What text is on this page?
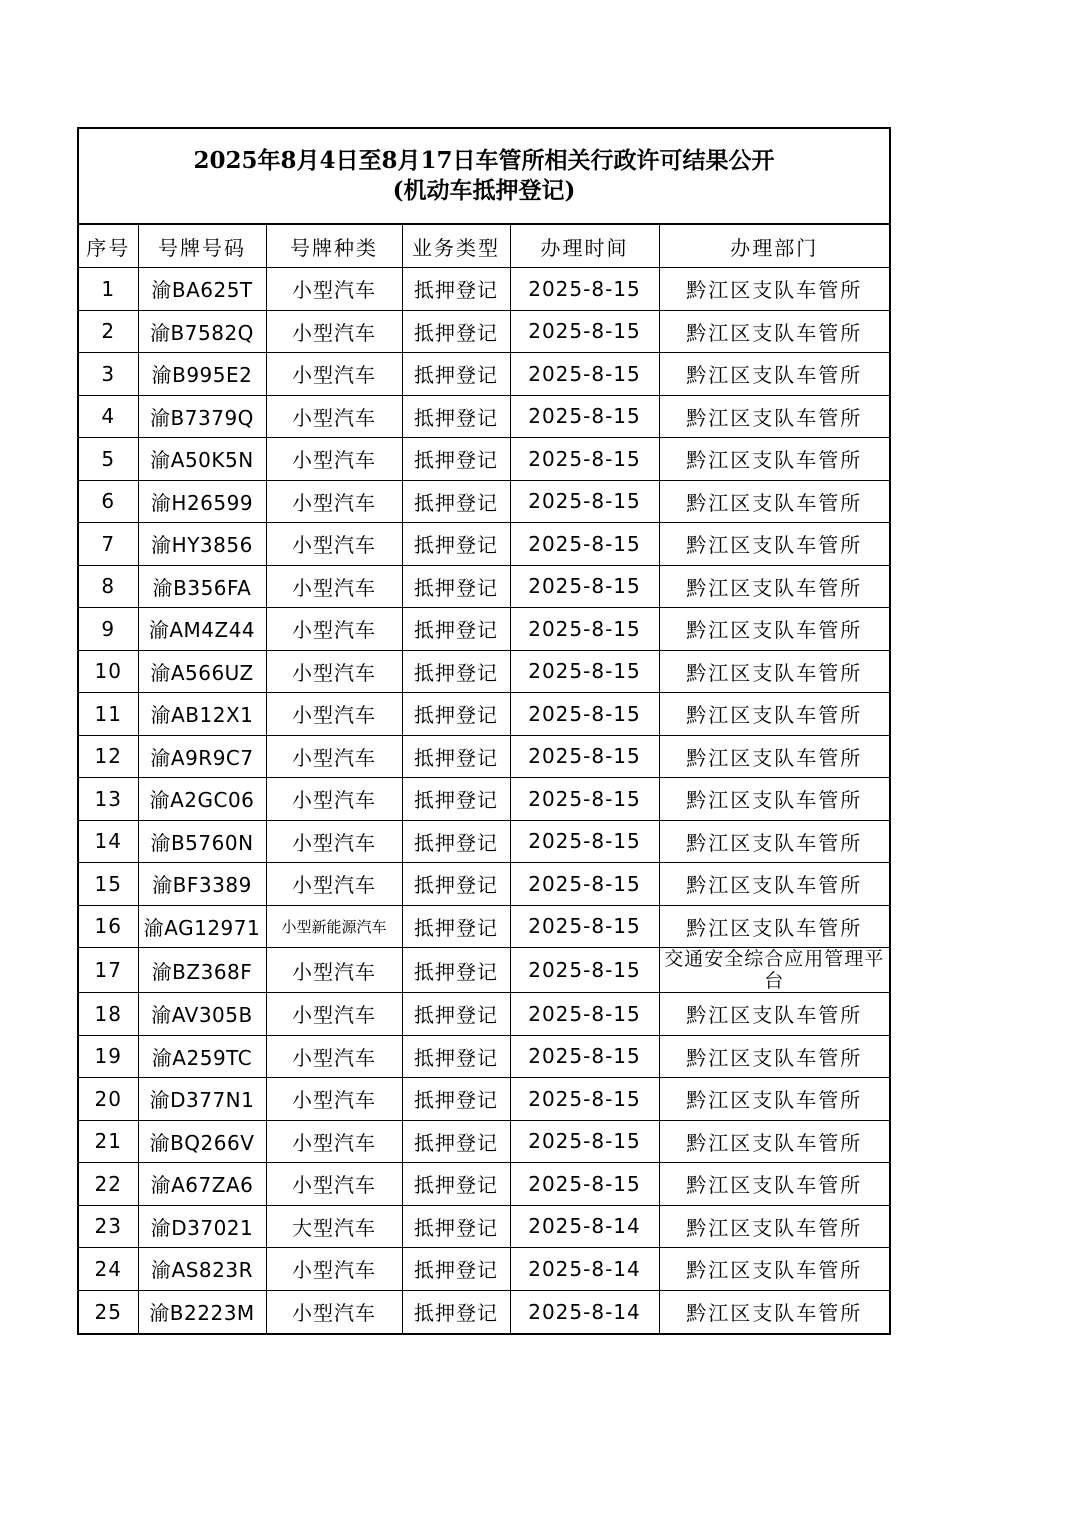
2025年8月4日至8月17日车管所相关行政许可结果公开
(机动车抵押登记)
序号	号牌号码	号牌种类	业务类型	办理时间	办理部门
1	渝BA625T	小型汽车	抵押登记	2025-8-15	黔江区支队车管所
2	渝B7582Q	小型汽车	抵押登记	2025-8-15	黔江区支队车管所
3	渝B995E2	小型汽车	抵押登记	2025-8-15	黔江区支队车管所
4	渝B7379Q	小型汽车	抵押登记	2025-8-15	黔江区支队车管所
5	渝A50K5N	小型汽车	抵押登记	2025-8-15	黔江区支队车管所
6	渝H26599	小型汽车	抵押登记	2025-8-15	黔江区支队车管所
7	渝HY3856	小型汽车	抵押登记	2025-8-15	黔江区支队车管所
8	渝B356FA	小型汽车	抵押登记	2025-8-15	黔江区支队车管所
9	渝AM4Z44	小型汽车	抵押登记	2025-8-15	黔江区支队车管所
10	渝A566UZ	小型汽车	抵押登记	2025-8-15	黔江区支队车管所
11	渝AB12X1	小型汽车	抵押登记	2025-8-15	黔江区支队车管所
12	渝A9R9C7	小型汽车	抵押登记	2025-8-15	黔江区支队车管所
13	渝A2GC06	小型汽车	抵押登记	2025-8-15	黔江区支队车管所
14	渝B5760N	小型汽车	抵押登记	2025-8-15	黔江区支队车管所
15	渝BF3389	小型汽车	抵押登记	2025-8-15	黔江区支队车管所
16	渝AG12971	小型新能源汽车	抵押登记	2025-8-15	黔江区支队车管所
17	渝BZ368F	小型汽车	抵押登记	2025-8-15	交通安全综合应用管理平台
18	渝AV305B	小型汽车	抵押登记	2025-8-15	黔江区支队车管所
19	渝A259TC	小型汽车	抵押登记	2025-8-15	黔江区支队车管所
20	渝D377N1	小型汽车	抵押登记	2025-8-15	黔江区支队车管所
21	渝BQ266V	小型汽车	抵押登记	2025-8-15	黔江区支队车管所
22	渝A67ZA6	小型汽车	抵押登记	2025-8-15	黔江区支队车管所
23	渝D37021	大型汽车	抵押登记	2025-8-14	黔江区支队车管所
24	渝AS823R	小型汽车	抵押登记	2025-8-14	黔江区支队车管所
25	渝B2223M	小型汽车	抵押登记	2025-8-14	黔江区支队车管所
